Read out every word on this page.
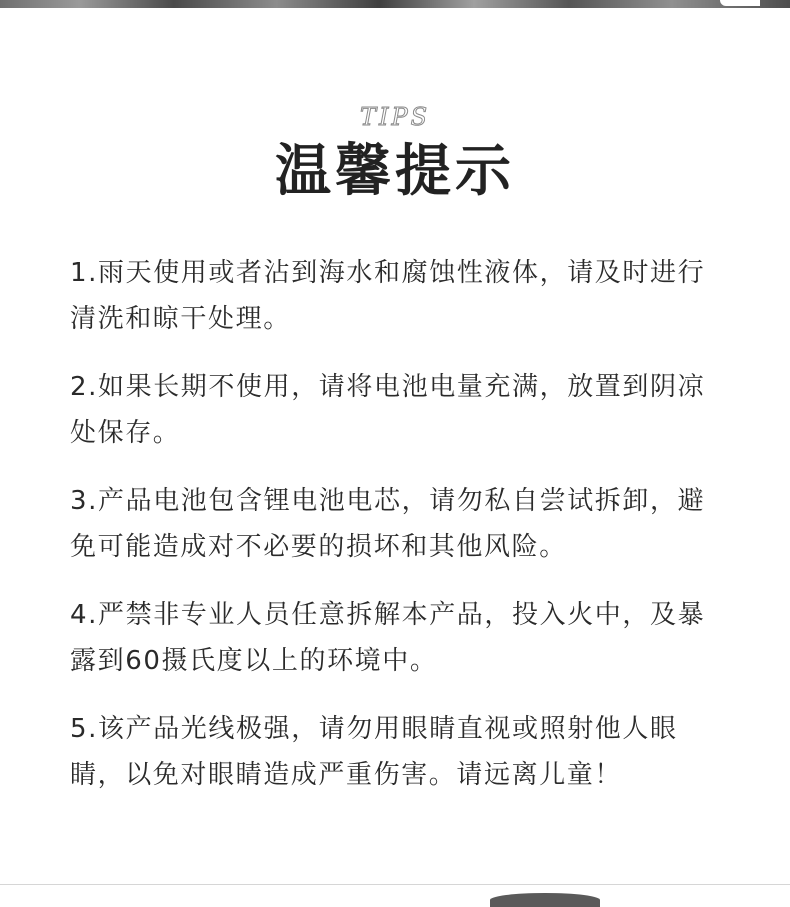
TIPS
温馨提示
1.雨天使用或者沾到海水和腐蚀性液体，请及时进行清洗和晾干处理。
2.如果长期不使用，请将电池电量充满，放置到阴凉处保存。
3.产品电池包含锂电池电芯，请勿私自尝试拆卸，避免可能造成对不必要的损坏和其他风险。
4.严禁非专业人员任意拆解本产品，投入火中，及暴露到60摄氏度以上的环境中。
5.该产品光线极强，请勿用眼睛直视或照射他人眼睛，以免对眼睛造成严重伤害。请远离儿童！
